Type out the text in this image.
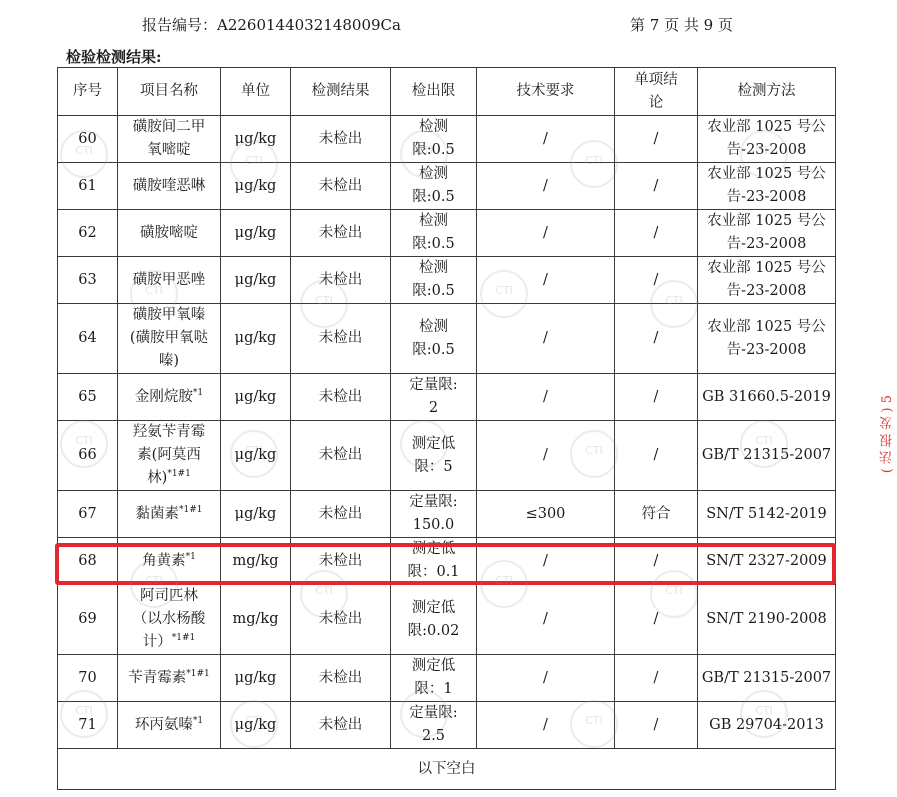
报告编号：A2260144032148009Ca	第 7 页 共 9 页
检验检测结果:
序号	项目名称	单位	检测结果	检出限	技术要求	单项结
论	检测方法
60	磺胺间二甲
氧嘧啶	μg/kg	未检出	检测
限:0.5	/	/	农业部 1025 号公
告-23-2008
61	磺胺喹恶啉	μg/kg	未检出	检测
限:0.5	/	/	农业部 1025 号公
告-23-2008
62	磺胺嘧啶	μg/kg	未检出	检测
限:0.5	/	/	农业部 1025 号公
告-23-2008
63	磺胺甲恶唑	μg/kg	未检出	检测
限:0.5	/	/	农业部 1025 号公
告-23-2008
64	磺胺甲氧嗪
(磺胺甲氧哒
嗪)	μg/kg	未检出	检测
限:0.5	/	/	农业部 1025 号公
告-23-2008
65	金刚烷胺$^{*1}$	μg/kg	未检出	定量限:
2	/	/	GB 31660.5-2019
66	羟氨苄青霉
素(阿莫西
林)$^{*1\#1}$	μg/kg	未检出	测定低
限：5	/	/	GB/T 21315-2007
67	黏菌素$^{*1\#1}$	μg/kg	未检出	定量限:
150.0	≤300	符合	SN/T 5142-2019
68	角黄素$^{*1}$	mg/kg	未检出	测定低
限：0.1	/	/	SN/T 2327-2009
69	阿司匹林
（以水杨酸
计）$^{*1\#1}$	mg/kg	未检出	测定低
限:0.02	/	/	SN/T 2190-2008
70	苄青霉素$^{*1\#1}$	μg/kg	未检出	测定低
限：1	/	/	GB/T 21315-2007
71	环丙氨嗪$^{*1}$	μg/kg	未检出	定量限:
2.5	/	/	GB 29704-2013
以下空白							
( 法 报 发 ) 5
CTI
CTI
CTI
CTI
CTI
CTI
CTI
CTI
CTI
CTI
CTI
CTI
CTI
CTI
CTI
CTI
CTI
CTI
CTI
CTI
CTI
CTI
CTI
